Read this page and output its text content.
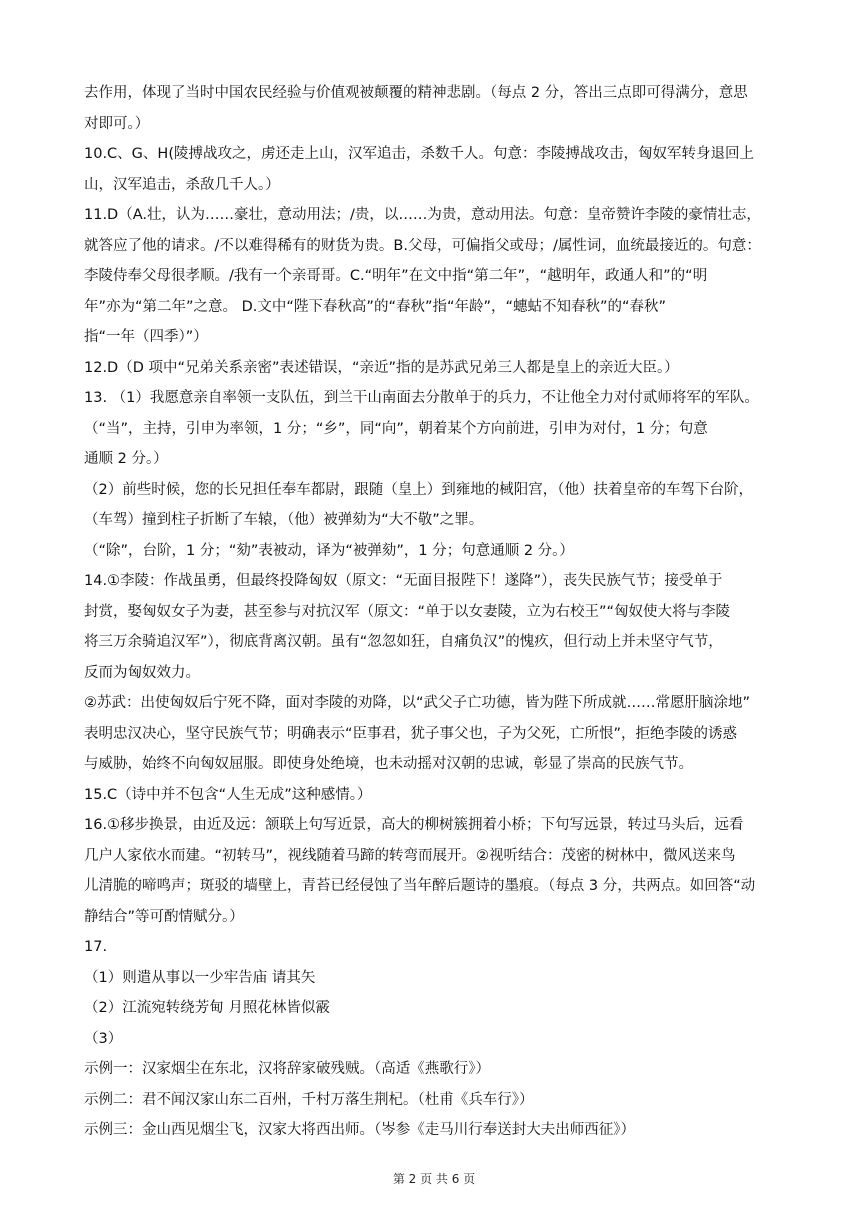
去作用，体现了当时中国农民经验与价值观被颠覆的精神悲剧。（每点 2 分，答出三点即可得满分，意思
对即可。）
10.C、G、H(陵搏战攻之，虏还走上山，汉军追击，杀数千人。句意：李陵搏战攻击，匈奴军转身退回上
山，汉军追击，杀敌几千人。）
11.D（A.壮，认为……豪壮，意动用法；/贵，以……为贵，意动用法。句意：皇帝赞许李陵的豪情壮志，
就答应了他的请求。/不以难得稀有的财货为贵。B.父母，可偏指父或母；/属性词，血统最接近的。句意：
李陵侍奉父母很孝顺。/我有一个亲哥哥。C.“明年”在文中指“第二年”，“越明年，政通人和”的“明
年”亦为“第二年”之意。 D.文中“陛下春秋高”的“春秋”指“年龄”，“蟪蛄不知春秋”的“春秋”
指“一年（四季）”）
12.D（D 项中“兄弟关系亲密”表述错误，“亲近”指的是苏武兄弟三人都是皇上的亲近大臣。）
13. （1）我愿意亲自率领一支队伍，到兰干山南面去分散单于的兵力，不让他全力对付贰师将军的军队。
（“当”，主持，引申为率领，1 分；“乡”，同“向”，朝着某个方向前进，引申为对付，1 分；句意
通顺 2 分。）
（2）前些时候，您的长兄担任奉车都尉，跟随（皇上）到雍地的棫阳宫，（他）扶着皇帝的车驾下台阶，
（车驾）撞到柱子折断了车辕，（他）被弹劾为“大不敬”之罪。
（“除”，台阶，1 分；“劾”表被动，译为“被弹劾”，1 分；句意通顺 2 分。）
14.①李陵：作战虽勇，但最终投降匈奴（原文：“无面目报陛下！遂降”），丧失民族气节；接受单于
封赏，娶匈奴女子为妻，甚至参与对抗汉军（原文：“单于以女妻陵，立为右校王”“匈奴使大将与李陵
将三万余骑追汉军”），彻底背离汉朝。虽有“忽忽如狂，自痛负汉”的愧疚，但行动上并未坚守气节，
反而为匈奴效力。
②苏武：出使匈奴后宁死不降，面对李陵的劝降，以“武父子亡功德，皆为陛下所成就……常愿肝脑涂地”
表明忠汉决心，坚守民族气节；明确表示“臣事君，犹子事父也，子为父死，亡所恨”，拒绝李陵的诱惑
与威胁，始终不向匈奴屈服。即使身处绝境，也未动摇对汉朝的忠诚，彰显了崇高的民族气节。
15.C（诗中并不包含“人生无成”这种感情。）
16.①移步换景，由近及远：颔联上句写近景，高大的柳树簇拥着小桥；下句写远景，转过马头后，远看
几户人家依水而建。“初转马”，视线随着马蹄的转弯而展开。②视听结合：茂密的树林中，微风送来鸟
儿清脆的啼鸣声；斑驳的墙壁上，青苔已经侵蚀了当年醉后题诗的墨痕。（每点 3 分，共两点。如回答“动
静结合”等可酌情赋分。）
17.
（1）则遣从事以一少牢告庙 请其矢
（2）江流宛转绕芳甸 月照花林皆似霰
（3）
示例一：汉家烟尘在东北，汉将辞家破残贼。（高适《燕歌行》）
示例二：君不闻汉家山东二百州，千村万落生荆杞。（杜甫《兵车行》）
示例三：金山西见烟尘飞，汉家大将西出师。（岑参《走马川行奉送封大夫出师西征》）
第 2 页 共 6 页
